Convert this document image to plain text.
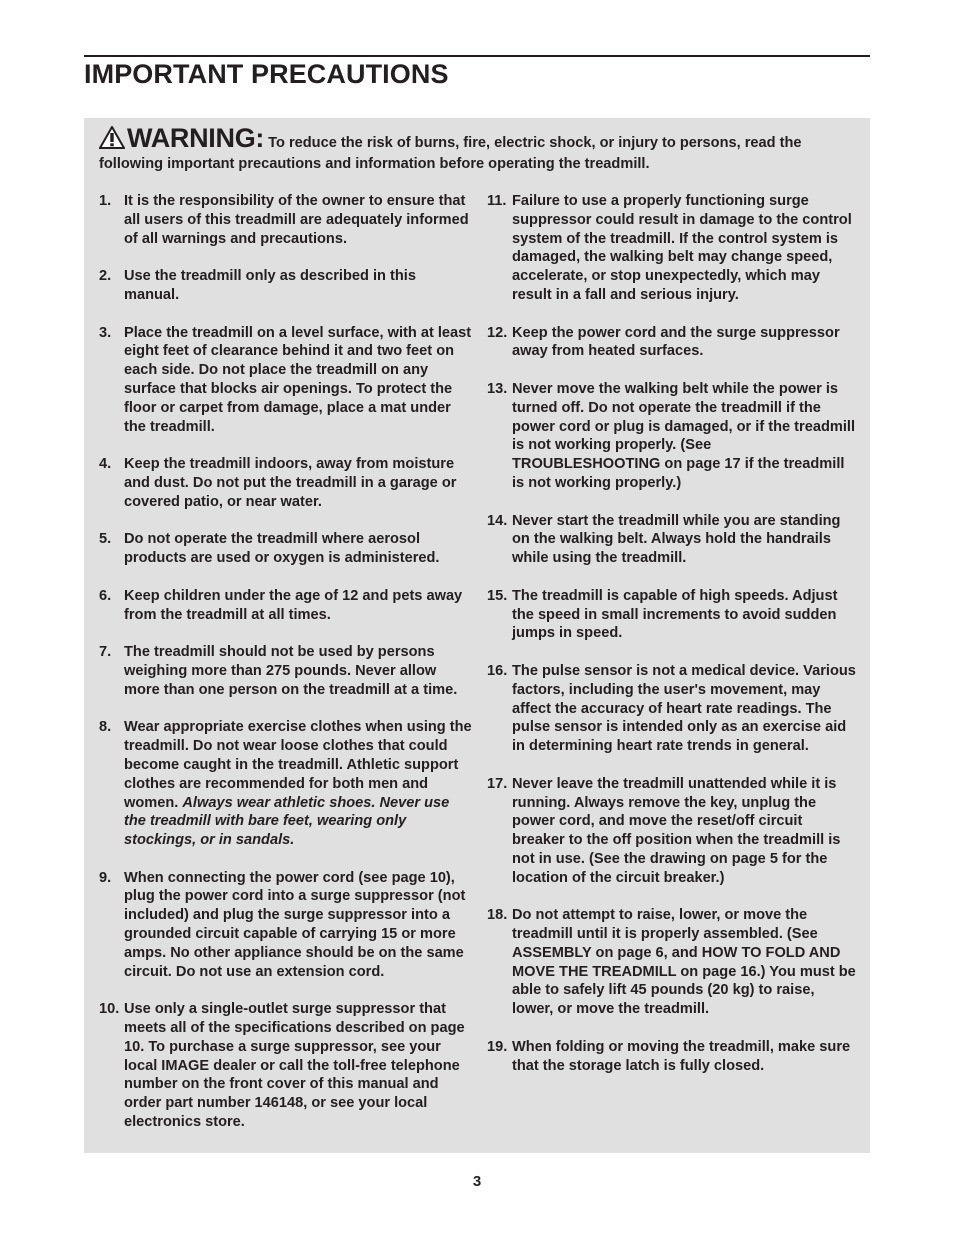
IMPORTANT PRECAUTIONS
WARNING: To reduce the risk of burns, fire, electric shock, or injury to persons, read the following important precautions and information before operating the treadmill.
1. It is the responsibility of the owner to ensure that all users of this treadmill are adequately informed of all warnings and precautions.
2. Use the treadmill only as described in this manual.
3. Place the treadmill on a level surface, with at least eight feet of clearance behind it and two feet on each side. Do not place the treadmill on any surface that blocks air openings. To protect the floor or carpet from damage, place a mat under the treadmill.
4. Keep the treadmill indoors, away from moisture and dust. Do not put the treadmill in a garage or covered patio, or near water.
5. Do not operate the treadmill where aerosol products are used or oxygen is administered.
6. Keep children under the age of 12 and pets away from the treadmill at all times.
7. The treadmill should not be used by persons weighing more than 275 pounds. Never allow more than one person on the treadmill at a time.
8. Wear appropriate exercise clothes when using the treadmill. Do not wear loose clothes that could become caught in the treadmill. Athletic support clothes are recommended for both men and women. Always wear athletic shoes. Never use the treadmill with bare feet, wearing only stockings, or in sandals.
9. When connecting the power cord (see page 10), plug the power cord into a surge suppressor (not included) and plug the surge suppressor into a grounded circuit capable of carrying 15 or more amps. No other appliance should be on the same circuit. Do not use an extension cord.
10. Use only a single-outlet surge suppressor that meets all of the specifications described on page 10. To purchase a surge suppressor, see your local IMAGE dealer or call the toll-free telephone number on the front cover of this manual and order part number 146148, or see your local electronics store.
11. Failure to use a properly functioning surge suppressor could result in damage to the control system of the treadmill. If the control system is damaged, the walking belt may change speed, accelerate, or stop unexpectedly, which may result in a fall and serious injury.
12. Keep the power cord and the surge suppressor away from heated surfaces.
13. Never move the walking belt while the power is turned off. Do not operate the treadmill if the power cord or plug is damaged, or if the treadmill is not working properly. (See TROUBLESHOOTING on page 17 if the treadmill is not working properly.)
14. Never start the treadmill while you are standing on the walking belt. Always hold the handrails while using the treadmill.
15. The treadmill is capable of high speeds. Adjust the speed in small increments to avoid sudden jumps in speed.
16. The pulse sensor is not a medical device. Various factors, including the user's movement, may affect the accuracy of heart rate readings. The pulse sensor is intended only as an exercise aid in determining heart rate trends in general.
17. Never leave the treadmill unattended while it is running. Always remove the key, unplug the power cord, and move the reset/off circuit breaker to the off position when the treadmill is not in use. (See the drawing on page 5 for the location of the circuit breaker.)
18. Do not attempt to raise, lower, or move the treadmill until it is properly assembled. (See ASSEMBLY on page 6, and HOW TO FOLD AND MOVE THE TREADMILL on page 16.) You must be able to safely lift 45 pounds (20 kg) to raise, lower, or move the treadmill.
19. When folding or moving the treadmill, make sure that the storage latch is fully closed.
3
